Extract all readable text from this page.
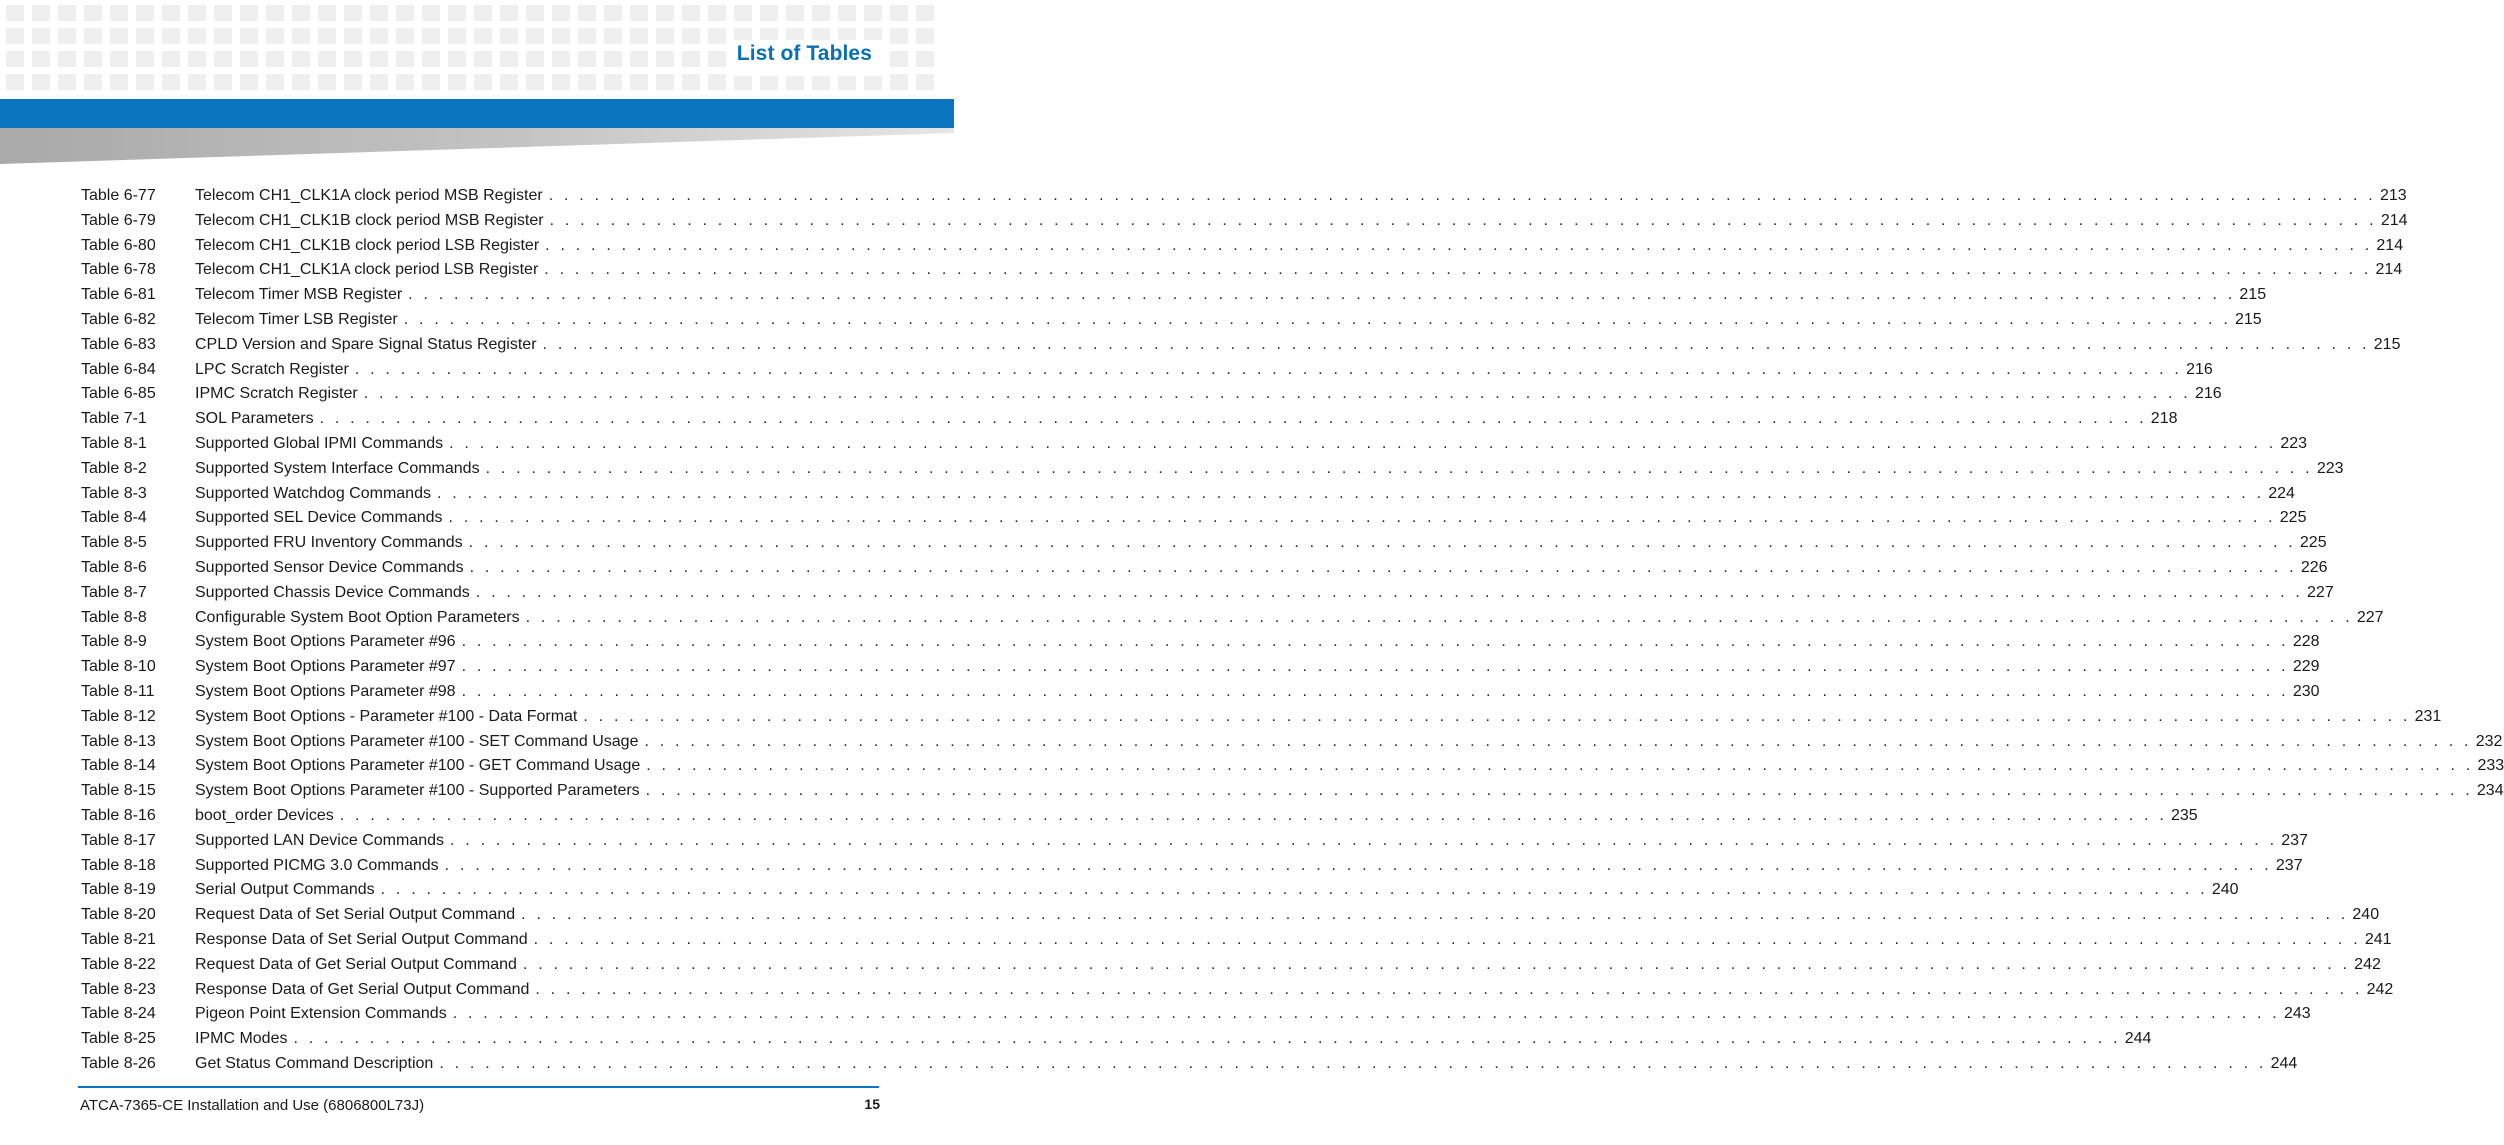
List of Tables
Table 6-77 Telecom CH1_CLK1A clock period MSB Register . . . . . . . . . . . . . . . . . . . . . . . . . . . . . . . . . . . . . . . . . . . . . . . . . . . . . . . . . . . . . . . . . . . . . . . . . . . . . . . . . . . . . . . . . . . . . . . . . . . . . . . . . . . . . . . . . . . . . . . . 213
Table 6-79 Telecom CH1_CLK1B clock period MSB Register . . . . . . . . . . . . . . . . . . . . . . . . . . . . . . . . . . . . . . . . . . . . . . . . . . . . . . . . . . . . . . . . . . . . . . . . . . . . . . . . . . . . . . . . . . . . . . . . . . . . . . . . . . . . . . . . . . . . . . . . 214
Table 6-80 Telecom CH1_CLK1B clock period LSB Register . . . . . . . . . . . . . . . . . . . . . . . . . . . . . . . . . . . . . . . . . . . . . . . . . . . . . . . . . . . . . . . . . . . . . . . . . . . . . . . . . . . . . . . . . . . . . . . . . . . . . . . . . . . . . . . . . . . . . . . . 214
Table 6-78 Telecom CH1_CLK1A clock period LSB Register . . . . . . . . . . . . . . . . . . . . . . . . . . . . . . . . . . . . . . . . . . . . . . . . . . . . . . . . . . . . . . . . . . . . . . . . . . . . . . . . . . . . . . . . . . . . . . . . . . . . . . . . . . . . . . . . . . . . . . . . 214
Table 6-81 Telecom Timer MSB Register . . . . . . . . . . . . . . . . . . . . . . . . . . . . . . . . . . . . . . . . . . . . . . . . . . . . . . . . . . . . . . . . . . . . . . . . . . . . . . . . . . . . . . . . . . . . . . . . . . . . . . . . . . . . . . . . . . . . . . . . 215
Table 6-82 Telecom Timer LSB Register . . . . . . . . . . . . . . . . . . . . . . . . . . . . . . . . . . . . . . . . . . . . . . . . . . . . . . . . . . . . . . . . . . . . . . . . . . . . . . . . . . . . . . . . . . . . . . . . . . . . . . . . . . . . . . . . . . . . . . . . 215
Table 6-83 CPLD Version and Spare Signal Status Register . . . . . . . . . . . . . . . . . . . . . . . . . . . . . . . . . . . . . . . . . . . . . . . . . . . . . . . . . . . . . . . . . . . . . . . . . . . . . . . . . . . . . . . . . . . . . . . . . . . . . . . . . . . . . . . . . . . . . . . . 215
Table 6-84 LPC Scratch Register . . . . . . . . . . . . . . . . . . . . . . . . . . . . . . . . . . . . . . . . . . . . . . . . . . . . . . . . . . . . . . . . . . . . . . . . . . . . . . . . . . . . . . . . . . . . . . . . . . . . . . . . . . . . . . . . . . . . . . . . 216
Table 6-85 IPMC Scratch Register . . . . . . . . . . . . . . . . . . . . . . . . . . . . . . . . . . . . . . . . . . . . . . . . . . . . . . . . . . . . . . . . . . . . . . . . . . . . . . . . . . . . . . . . . . . . . . . . . . . . . . . . . . . . . . . . . . . . . . . . 216
Table 7-1	SOL Parameters . . . . . . . . . . . . . . . . . . . . . . . . . . . . . . . . . . . . . . . . . . . . . . . . . . . . . . . . . . . . . . . . . . . . . . . . . . . . . . . . . . . . . . . . . . . . . . . . . . . . . . . . . . . . . . . . . . . . . . . . 218
Table 8-1	Supported Global IPMI Commands . . . . . . . . . . . . . . . . . . . . . . . . . . . . . . . . . . . . . . . . . . . . . . . . . . . . . . . . . . . . . . . . . . . . . . . . . . . . . . . . . . . . . . . . . . . . . . . . . . . . . . . . . . . . . . . . . . . . . . . . 223
Table 8-2	Supported System Interface Commands . . . . . . . . . . . . . . . . . . . . . . . . . . . . . . . . . . . . . . . . . . . . . . . . . . . . . . . . . . . . . . . . . . . . . . . . . . . . . . . . . . . . . . . . . . . . . . . . . . . . . . . . . . . . . . . . . . . . . . . . 223
Table 8-3	Supported Watchdog Commands . . . . . . . . . . . . . . . . . . . . . . . . . . . . . . . . . . . . . . . . . . . . . . . . . . . . . . . . . . . . . . . . . . . . . . . . . . . . . . . . . . . . . . . . . . . . . . . . . . . . . . . . . . . . . . . . . . . . . . . . 224
Table 8-4	Supported SEL Device Commands . . . . . . . . . . . . . . . . . . . . . . . . . . . . . . . . . . . . . . . . . . . . . . . . . . . . . . . . . . . . . . . . . . . . . . . . . . . . . . . . . . . . . . . . . . . . . . . . . . . . . . . . . . . . . . . . . . . . . . . . 225
Table 8-5	Supported FRU Inventory Commands . . . . . . . . . . . . . . . . . . . . . . . . . . . . . . . . . . . . . . . . . . . . . . . . . . . . . . . . . . . . . . . . . . . . . . . . . . . . . . . . . . . . . . . . . . . . . . . . . . . . . . . . . . . . . . . . . . . . . . . . 225
Table 8-6	Supported Sensor Device Commands . . . . . . . . . . . . . . . . . . . . . . . . . . . . . . . . . . . . . . . . . . . . . . . . . . . . . . . . . . . . . . . . . . . . . . . . . . . . . . . . . . . . . . . . . . . . . . . . . . . . . . . . . . . . . . . . . . . . . . . . 226
Table 8-7	Supported Chassis Device Commands . . . . . . . . . . . . . . . . . . . . . . . . . . . . . . . . . . . . . . . . . . . . . . . . . . . . . . . . . . . . . . . . . . . . . . . . . . . . . . . . . . . . . . . . . . . . . . . . . . . . . . . . . . . . . . . . . . . . . . . . 227
Table 8-8	Configurable System Boot Option Parameters . . . . . . . . . . . . . . . . . . . . . . . . . . . . . . . . . . . . . . . . . . . . . . . . . . . . . . . . . . . . . . . . . . . . . . . . . . . . . . . . . . . . . . . . . . . . . . . . . . . . . . . . . . . . . . . . . . . . . . . . 227
Table 8-9	System Boot Options Parameter #96 . . . . . . . . . . . . . . . . . . . . . . . . . . . . . . . . . . . . . . . . . . . . . . . . . . . . . . . . . . . . . . . . . . . . . . . . . . . . . . . . . . . . . . . . . . . . . . . . . . . . . . . . . . . . . . . . . . . . . . . . 228
Table 8-10 System Boot Options Parameter #97 . . . . . . . . . . . . . . . . . . . . . . . . . . . . . . . . . . . . . . . . . . . . . . . . . . . . . . . . . . . . . . . . . . . . . . . . . . . . . . . . . . . . . . . . . . . . . . . . . . . . . . . . . . . . . . . . . . . . . . . . 229
Table 8-11	System Boot Options Parameter #98 . . . . . . . . . . . . . . . . . . . . . . . . . . . . . . . . . . . . . . . . . . . . . . . . . . . . . . . . . . . . . . . . . . . . . . . . . . . . . . . . . . . . . . . . . . . . . . . . . . . . . . . . . . . . . . . . . . . . . . . . 230
Table 8-12 System Boot Options - Parameter #100 - Data Format . . . . . . . . . . . . . . . . . . . . . . . . . . . . . . . . . . . . . . . . . . . . . . . . . . . . . . . . . . . . . . . . . . . . . . . . . . . . . . . . . . . . . . . . . . . . . . . . . . . . . . . . . . . . . . . . . . . . . . . . 231
Table 8-13 System Boot Options Parameter #100 - SET Command Usage . . . . . . . . . . . . . . . . . . . . . . . . . . . . . . . . . . . . . . . . . . . . . . . . . . . . . . . . . . . . . . . . . . . . . . . . . . . . . . . . . . . . . . . . . . . . . . . . . . . . . . . . . . . . . . . . . . . . . . . . 232
Table 8-14 System Boot Options Parameter #100 - GET Command Usage . . . . . . . . . . . . . . . . . . . . . . . . . . . . . . . . . . . . . . . . . . . . . . . . . . . . . . . . . . . . . . . . . . . . . . . . . . . . . . . . . . . . . . . . . . . . . . . . . . . . . . . . . . . . . . . . . . . . . . . . 233
Table 8-15 System Boot Options Parameter #100 - Supported Parameters . . . . . . . . . . . . . . . . . . . . . . . . . . . . . . . . . . . . . . . . . . . . . . . . . . . . . . . . . . . . . . . . . . . . . . . . . . . . . . . . . . . . . . . . . . . . . . . . . . . . . . . . . . . . . . . . . . . . . . . . 234
Table 8-16 boot_order Devices . . . . . . . . . . . . . . . . . . . . . . . . . . . . . . . . . . . . . . . . . . . . . . . . . . . . . . . . . . . . . . . . . . . . . . . . . . . . . . . . . . . . . . . . . . . . . . . . . . . . . . . . . . . . . . . . . . . . . . . . 235
Table 8-17 Supported LAN Device Commands . . . . . . . . . . . . . . . . . . . . . . . . . . . . . . . . . . . . . . . . . . . . . . . . . . . . . . . . . . . . . . . . . . . . . . . . . . . . . . . . . . . . . . . . . . . . . . . . . . . . . . . . . . . . . . . . . . . . . . . . 237
Table 8-18 Supported PICMG 3.0 Commands . . . . . . . . . . . . . . . . . . . . . . . . . . . . . . . . . . . . . . . . . . . . . . . . . . . . . . . . . . . . . . . . . . . . . . . . . . . . . . . . . . . . . . . . . . . . . . . . . . . . . . . . . . . . . . . . . . . . . . . . 237
Table 8-19 Serial Output Commands . . . . . . . . . . . . . . . . . . . . . . . . . . . . . . . . . . . . . . . . . . . . . . . . . . . . . . . . . . . . . . . . . . . . . . . . . . . . . . . . . . . . . . . . . . . . . . . . . . . . . . . . . . . . . . . . . . . . . . . . 240
Table 8-20 Request Data of Set Serial Output Command . . . . . . . . . . . . . . . . . . . . . . . . . . . . . . . . . . . . . . . . . . . . . . . . . . . . . . . . . . . . . . . . . . . . . . . . . . . . . . . . . . . . . . . . . . . . . . . . . . . . . . . . . . . . . . . . . . . . . . . . 240
Table 8-21 Response Data of Set Serial Output Command . . . . . . . . . . . . . . . . . . . . . . . . . . . . . . . . . . . . . . . . . . . . . . . . . . . . . . . . . . . . . . . . . . . . . . . . . . . . . . . . . . . . . . . . . . . . . . . . . . . . . . . . . . . . . . . . . . . . . . . . 241
Table 8-22 Request Data of Get Serial Output Command . . . . . . . . . . . . . . . . . . . . . . . . . . . . . . . . . . . . . . . . . . . . . . . . . . . . . . . . . . . . . . . . . . . . . . . . . . . . . . . . . . . . . . . . . . . . . . . . . . . . . . . . . . . . . . . . . . . . . . . . 242
Table 8-23 Response Data of Get Serial Output Command . . . . . . . . . . . . . . . . . . . . . . . . . . . . . . . . . . . . . . . . . . . . . . . . . . . . . . . . . . . . . . . . . . . . . . . . . . . . . . . . . . . . . . . . . . . . . . . . . . . . . . . . . . . . . . . . . . . . . . . . 242
Table 8-24 Pigeon Point Extension Commands . . . . . . . . . . . . . . . . . . . . . . . . . . . . . . . . . . . . . . . . . . . . . . . . . . . . . . . . . . . . . . . . . . . . . . . . . . . . . . . . . . . . . . . . . . . . . . . . . . . . . . . . . . . . . . . . . . . . . . . . 243
Table 8-25 IPMC Modes . . . . . . . . . . . . . . . . . . . . . . . . . . . . . . . . . . . . . . . . . . . . . . . . . . . . . . . . . . . . . . . . . . . . . . . . . . . . . . . . . . . . . . . . . . . . . . . . . . . . . . . . . . . . . . . . . . . . . . . . 244
Table 8-26 Get Status Command Description . . . . . . . . . . . . . . . . . . . . . . . . . . . . . . . . . . . . . . . . . . . . . . . . . . . . . . . . . . . . . . . . . . . . . . . . . . . . . . . . . . . . . . . . . . . . . . . . . . . . . . . . . . . . . . . . . . . . . . . . 244
ATCA-7365-CE Installation and Use (6806800L73J)	15
